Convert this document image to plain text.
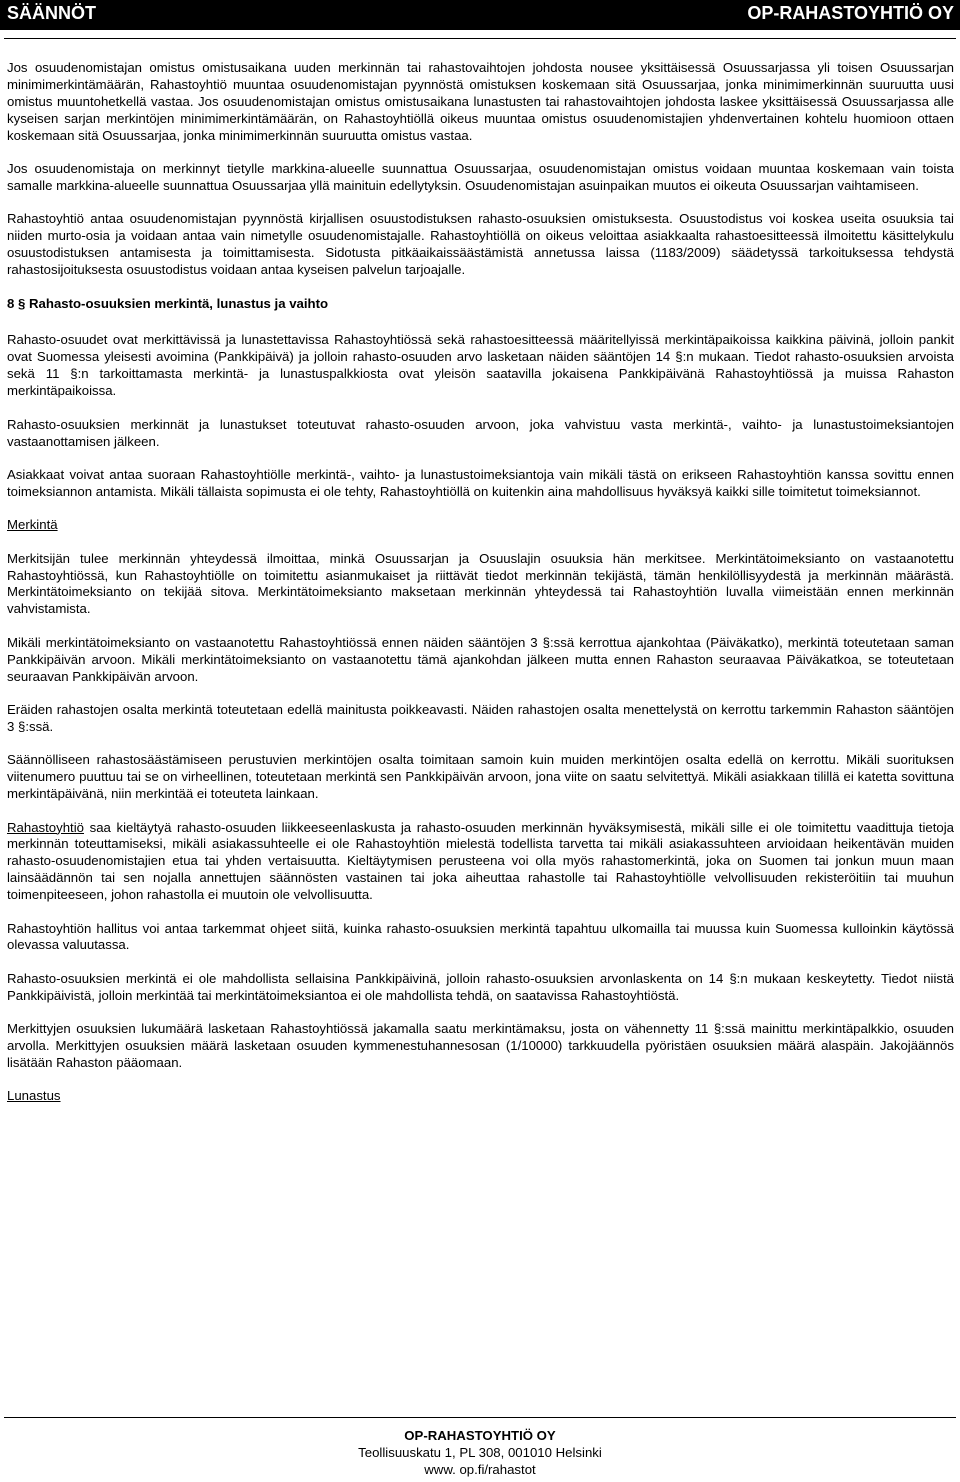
SÄÄNNÖT	OP-RAHASTOYHTIÖ OY

Jos osuudenomistajan omistus omistusaikana uuden merkinnän tai rahastovaihtojen johdosta nousee yksittäisessä Osuussarjassa yli toisen Osuussarjan minimimerkintämäärän, Rahastoyhtiö muuntaa osuudenomistajan pyynnöstä omistuksen koskemaan sitä Osuussarjaa, jonka minimimerkinnän suuruutta uusi omistus muuntohetkellä vastaa. Jos osuudenomistajan omistus omistusaikana lunastusten tai rahastovaihtojen johdosta laskee yksittäisessä Osuussarjassa alle kyseisen sarjan merkintöjen minimimerkintämäärän, on Rahastoyhtiöllä oikeus muuntaa omistus osuudenomistajien yhdenvertainen kohtelu huomioon ottaen koskemaan sitä Osuussarjaa, jonka minimimerkinnän suuruutta omistus vastaa.

Jos osuudenomistaja on merkinnyt tietylle markkina-alueelle suunnattua Osuussarjaa, osuudenomistajan omistus voidaan muuntaa koskemaan vain toista samalle markkina-alueelle suunnattua Osuussarjaa yllä mainituin edellytyksin. Osuudenomistajan asuinpaikan muutos ei oikeuta Osuussarjan vaihtamiseen.

Rahastoyhtiö antaa osuudenomistajan pyynnöstä kirjallisen osuustodistuksen rahasto-osuuksien omistuksesta. Osuustodistus voi koskea useita osuuksia tai niiden murto-osia ja voidaan antaa vain nimetylle osuudenomistajalle. Rahastoyhtiöllä on oikeus veloittaa asiakkaalta rahastoesitteessä ilmoitettu käsittelykulu osuustodistuksen antamisesta ja toimittamisesta. Sidotusta pitkäaikaissäästämistä annetussa laissa (1183/2009) säädetyssä tarkoituksessa tehdystä rahastosijoituksesta osuustodistus voidaan antaa kyseisen palvelun tarjoajalle.

8 § Rahasto-osuuksien merkintä, lunastus ja vaihto

Rahasto-osuudet ovat merkittävissä ja lunastettavissa Rahastoyhtiössä sekä rahastoesitteessä määritellyissä merkintäpaikoissa kaikkina päivinä, jolloin pankit ovat Suomessa yleisesti avoimina (Pankkipäivä) ja jolloin rahasto-osuuden arvo lasketaan näiden sääntöjen 14 §:n mukaan. Tiedot rahasto-osuuksien arvoista sekä 11 §:n tarkoittamasta merkintä- ja lunastuspalkkiosta ovat yleisön saatavilla jokaisena Pankkipäivänä Rahastoyhtiössä ja muissa Rahaston merkintäpaikoissa.

Rahasto-osuuksien merkinnät ja lunastukset toteutuvat rahasto-osuuden arvoon, joka vahvistuu vasta merkintä-, vaihto- ja lunastustoimeksiantojen vastaanottamisen jälkeen.

Asiakkaat voivat antaa suoraan Rahastoyhtiölle merkintä-, vaihto- ja lunastustoimeksiantoja vain mikäli tästä on erikseen Rahastoyhtiön kanssa sovittu ennen toimeksiannon antamista. Mikäli tällaista sopimusta ei ole tehty, Rahastoyhtiöllä on kuitenkin aina mahdollisuus hyväksyä kaikki sille toimitetut toimeksiannot.

Merkintä

Merkitsijän tulee merkinnän yhteydessä ilmoittaa, minkä Osuussarjan ja Osuuslajin osuuksia hän merkitsee. Merkintätoimeksianto on vastaanotettu Rahastoyhtiössä, kun Rahastoyhtiölle on toimitettu asianmukaiset ja riittävät tiedot merkinnän tekijästä, tämän henkilöllisyydestä ja merkinnän määrästä. Merkintätoimeksianto on tekijää sitova. Merkintätoimeksianto maksetaan merkinnän yhteydessä tai Rahastoyhtiön luvalla viimeistään ennen merkinnän vahvistamista.

Mikäli merkintätoimeksianto on vastaanotettu Rahastoyhtiössä ennen näiden sääntöjen 3 §:ssä kerrottua ajankohtaa (Päiväkatko), merkintä toteutetaan saman Pankkipäivän arvoon. Mikäli merkintätoimeksianto on vastaanotettu tämä ajankohdan jälkeen mutta ennen Rahaston seuraavaa Päiväkatkoa, se toteutetaan seuraavan Pankkipäivän arvoon.

Eräiden rahastojen osalta merkintä toteutetaan edellä mainitusta poikkeavasti. Näiden rahastojen osalta menettelystä on kerrottu tarkemmin Rahaston sääntöjen 3 §:ssä.

Säännölliseen rahastosäästämiseen perustuvien merkintöjen osalta toimitaan samoin kuin muiden merkintöjen osalta edellä on kerrottu. Mikäli suorituksen viitenumero puuttuu tai se on virheellinen, toteutetaan merkintä sen Pankkipäivän arvoon, jona viite on saatu selvitettyä. Mikäli asiakkaan tilillä ei katetta sovittuna merkintäpäivänä, niin merkintää ei toteuteta lainkaan.

Rahastoyhtiö saa kieltäytyä rahasto-osuuden liikkeeseenlaskusta ja rahasto-osuuden merkinnän hyväksymisestä, mikäli sille ei ole toimitettu vaadittuja tietoja merkinnän toteuttamiseksi, mikäli asiakassuhteelle ei ole Rahastoyhtiön mielestä todellista tarvetta tai mikäli asiakassuhteen arvioidaan heikentävän muiden rahasto-osuudenomistajien etua tai yhden vertaisuutta. Kieltäytymisen perusteena voi olla myös rahastomerkintä, joka on Suomen tai jonkun muun maan lainsäädännön tai sen nojalla annettujen säännösten vastainen tai joka aiheuttaa rahastolle tai Rahastoyhtiölle velvollisuuden rekisteröitiin tai muuhun toimenpiteeseen, johon rahastolla ei muutoin ole velvollisuutta.

Rahastoyhtiön hallitus voi antaa tarkemmat ohjeet siitä, kuinka rahasto-osuuksien merkintä tapahtuu ulkomailla tai muussa kuin Suomessa kulloinkin käytössä olevassa valuutassa.

Rahasto-osuuksien merkintä ei ole mahdollista sellaisina Pankkipäivinä, jolloin rahasto-osuuksien arvonlaskenta on 14 §:n mukaan keskeytetty. Tiedot niistä Pankkipäivistä, jolloin merkintää tai merkintätoimeksiantoa ei ole mahdollista tehdä, on saatavissa Rahastoyhtiöstä.

Merkittyjen osuuksien lukumäärä lasketaan Rahastoyhtiössä jakamalla saatu merkintämaksu, josta on vähennetty 11 §:ssä mainittu merkintäpalkkio, osuuden arvolla. Merkittyjen osuuksien määrä lasketaan osuuden kymmenestuhannesosan (1/10000) tarkkuudella pyöristäen osuuksien määrä alaspäin. Jakojäännös lisätään Rahaston pääomaan.

Lunastus

OP-RAHASTOYHTIÖ OY
Teollisuuskatu 1, PL 308, 001010 Helsinki
www. op.fi/rahastot
